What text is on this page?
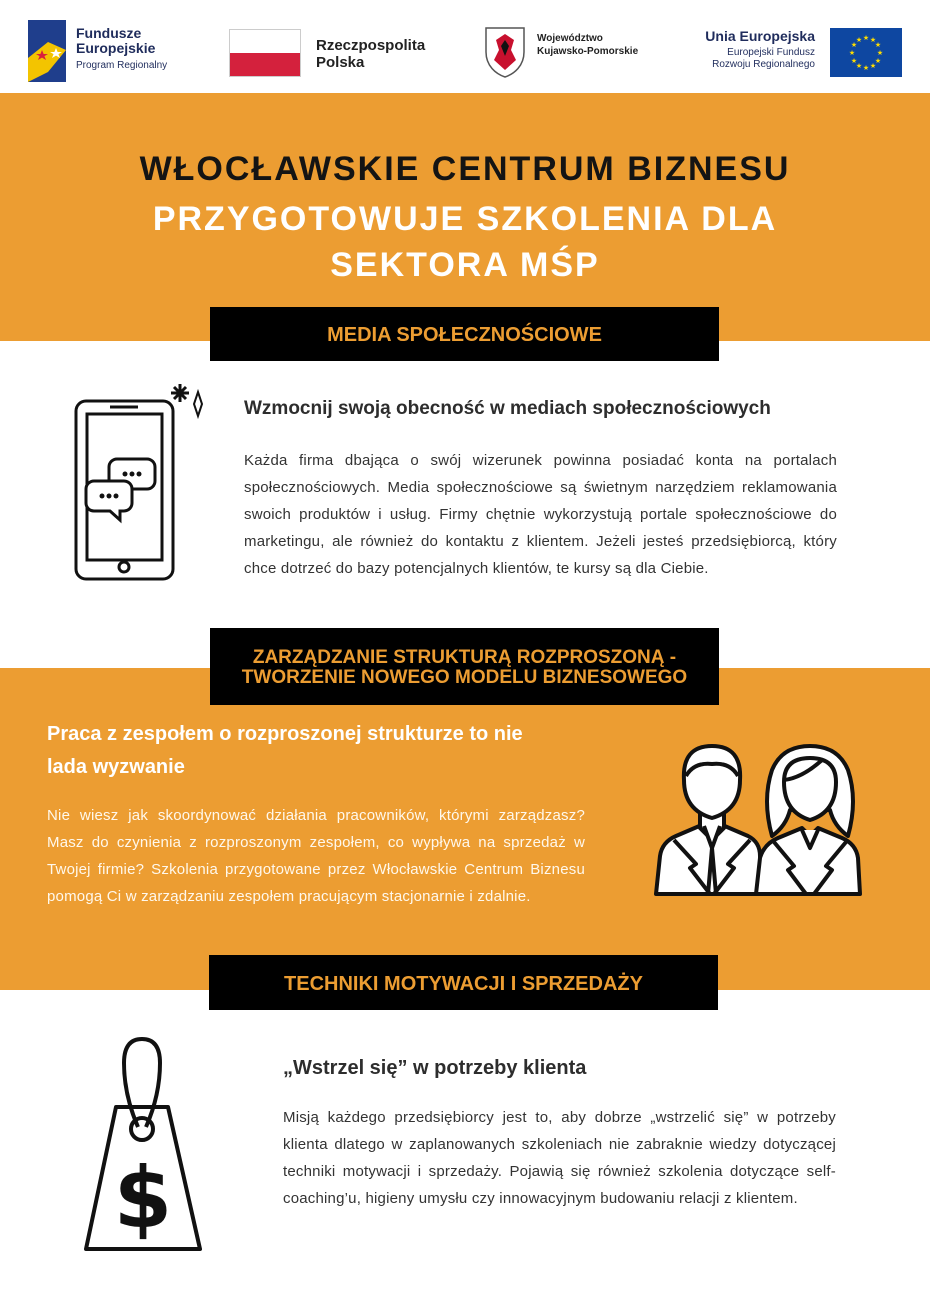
Fundusze
Europejskie
Program Regionalny
Rzeczpospolita
Polska
Województwo
Kujawsko-Pomorskie
Unia Europejska
Europejski Fundusz
Rozwoju Regionalnego
★ ★
★
★
★
★
★
★
★
★
★
★
WŁOCŁAWSKIE CENTRUM BIZNESU
PRZYGOTOWUJE SZKOLENIA DLA
SEKTORA MŚP
MEDIA SPOŁECZNOŚCIOWE
Wzmocnij swoją obecność w mediach społecznościowych
Każda firma dbająca o swój wizerunek powinna posiadać konta na portalach społecznościowych. Media społecznościowe są świetnym narzędziem reklamowania swoich produktów i usług. Firmy chętnie wykorzystują portale społecznościowe do marketingu, ale również do kontaktu z klientem. Jeżeli jesteś przedsiębiorcą, który chce dotrzeć do bazy potencjalnych klientów, te kursy są dla Ciebie.
ZARZĄDZANIE STRUKTURĄ ROZPROSZONĄ -
TWORZENIE NOWEGO MODELU BIZNESOWEGO
Praca z zespołem o rozproszonej strukturze to nie lada wyzwanie
Nie wiesz jak skoordynować działania pracowników, którymi zarządzasz? Masz do czynienia z rozproszonym zespołem, co wypływa na sprzedaż w Twojej firmie? Szkolenia przygotowane przez Włocławskie Centrum Biznesu pomogą Ci w zarządzaniu zespołem pracującym stacjonarnie i zdalnie.
TECHNIKI MOTYWACJI I SPRZEDAŻY
$
„Wstrzel się” w potrzeby klienta
Misją każdego przedsiębiorcy jest to, aby dobrze „wstrzelić się” w potrzeby klienta dlatego w zaplanowanych szkoleniach nie zabraknie wiedzy dotyczącej techniki motywacji i sprzedaży. Pojawią się również szkolenia dotyczące self- coaching’u, higieny umysłu czy innowacyjnym budowaniu relacji z klientem.
